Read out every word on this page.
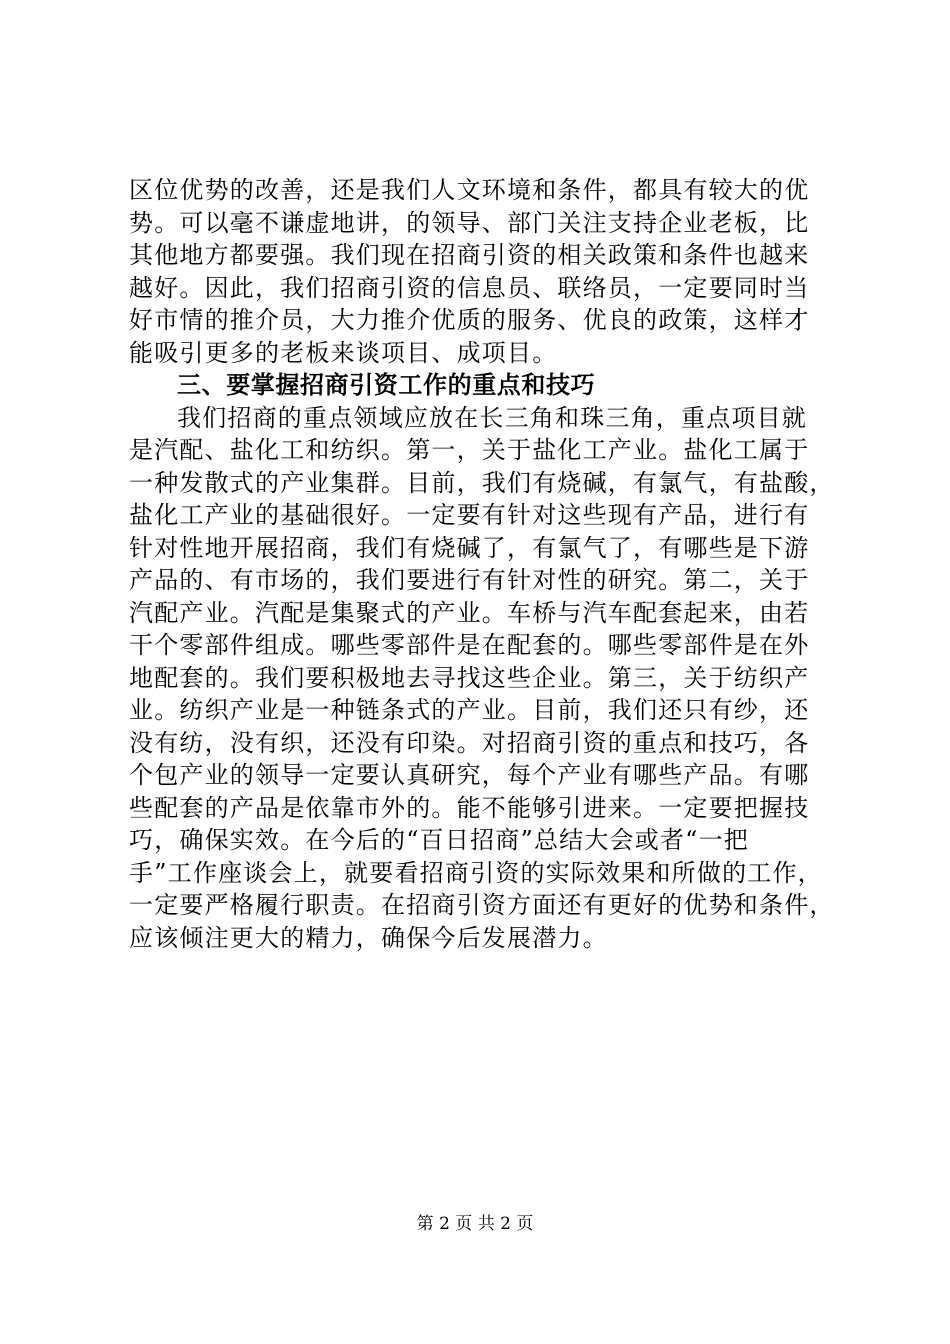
区位优势的改善，还是我们人文环境和条件，都具有较大的优
势。可以毫不谦虚地讲，的领导、部门关注支持企业老板，比
其他地方都要强。我们现在招商引资的相关政策和条件也越来
越好。因此，我们招商引资的信息员、联络员，一定要同时当
好市情的推介员，大力推介优质的服务、优良的政策，这样才
能吸引更多的老板来谈项目、成项目。
三、要掌握招商引资工作的重点和技巧
我们招商的重点领域应放在长三角和珠三角，重点项目就
是汽配、盐化工和纺织。第一，关于盐化工产业。盐化工属于
一种发散式的产业集群。目前，我们有烧碱，有氯气，有盐酸，
盐化工产业的基础很好。一定要有针对这些现有产品，进行有
针对性地开展招商，我们有烧碱了，有氯气了，有哪些是下游
产品的、有市场的，我们要进行有针对性的研究。第二，关于
汽配产业。汽配是集聚式的产业。车桥与汽车配套起来，由若
干个零部件组成。哪些零部件是在配套的。哪些零部件是在外
地配套的。我们要积极地去寻找这些企业。第三，关于纺织产
业。纺织产业是一种链条式的产业。目前，我们还只有纱，还
没有纺，没有织，还没有印染。对招商引资的重点和技巧，各
个包产业的领导一定要认真研究，每个产业有哪些产品。有哪
些配套的产品是依靠市外的。能不能够引进来。一定要把握技
巧，确保实效。在今后的“百日招商”总结大会或者“一把
手”工作座谈会上，就要看招商引资的实际效果和所做的工作，
一定要严格履行职责。在招商引资方面还有更好的优势和条件，
应该倾注更大的精力，确保今后发展潜力。
第 2 页 共 2 页
